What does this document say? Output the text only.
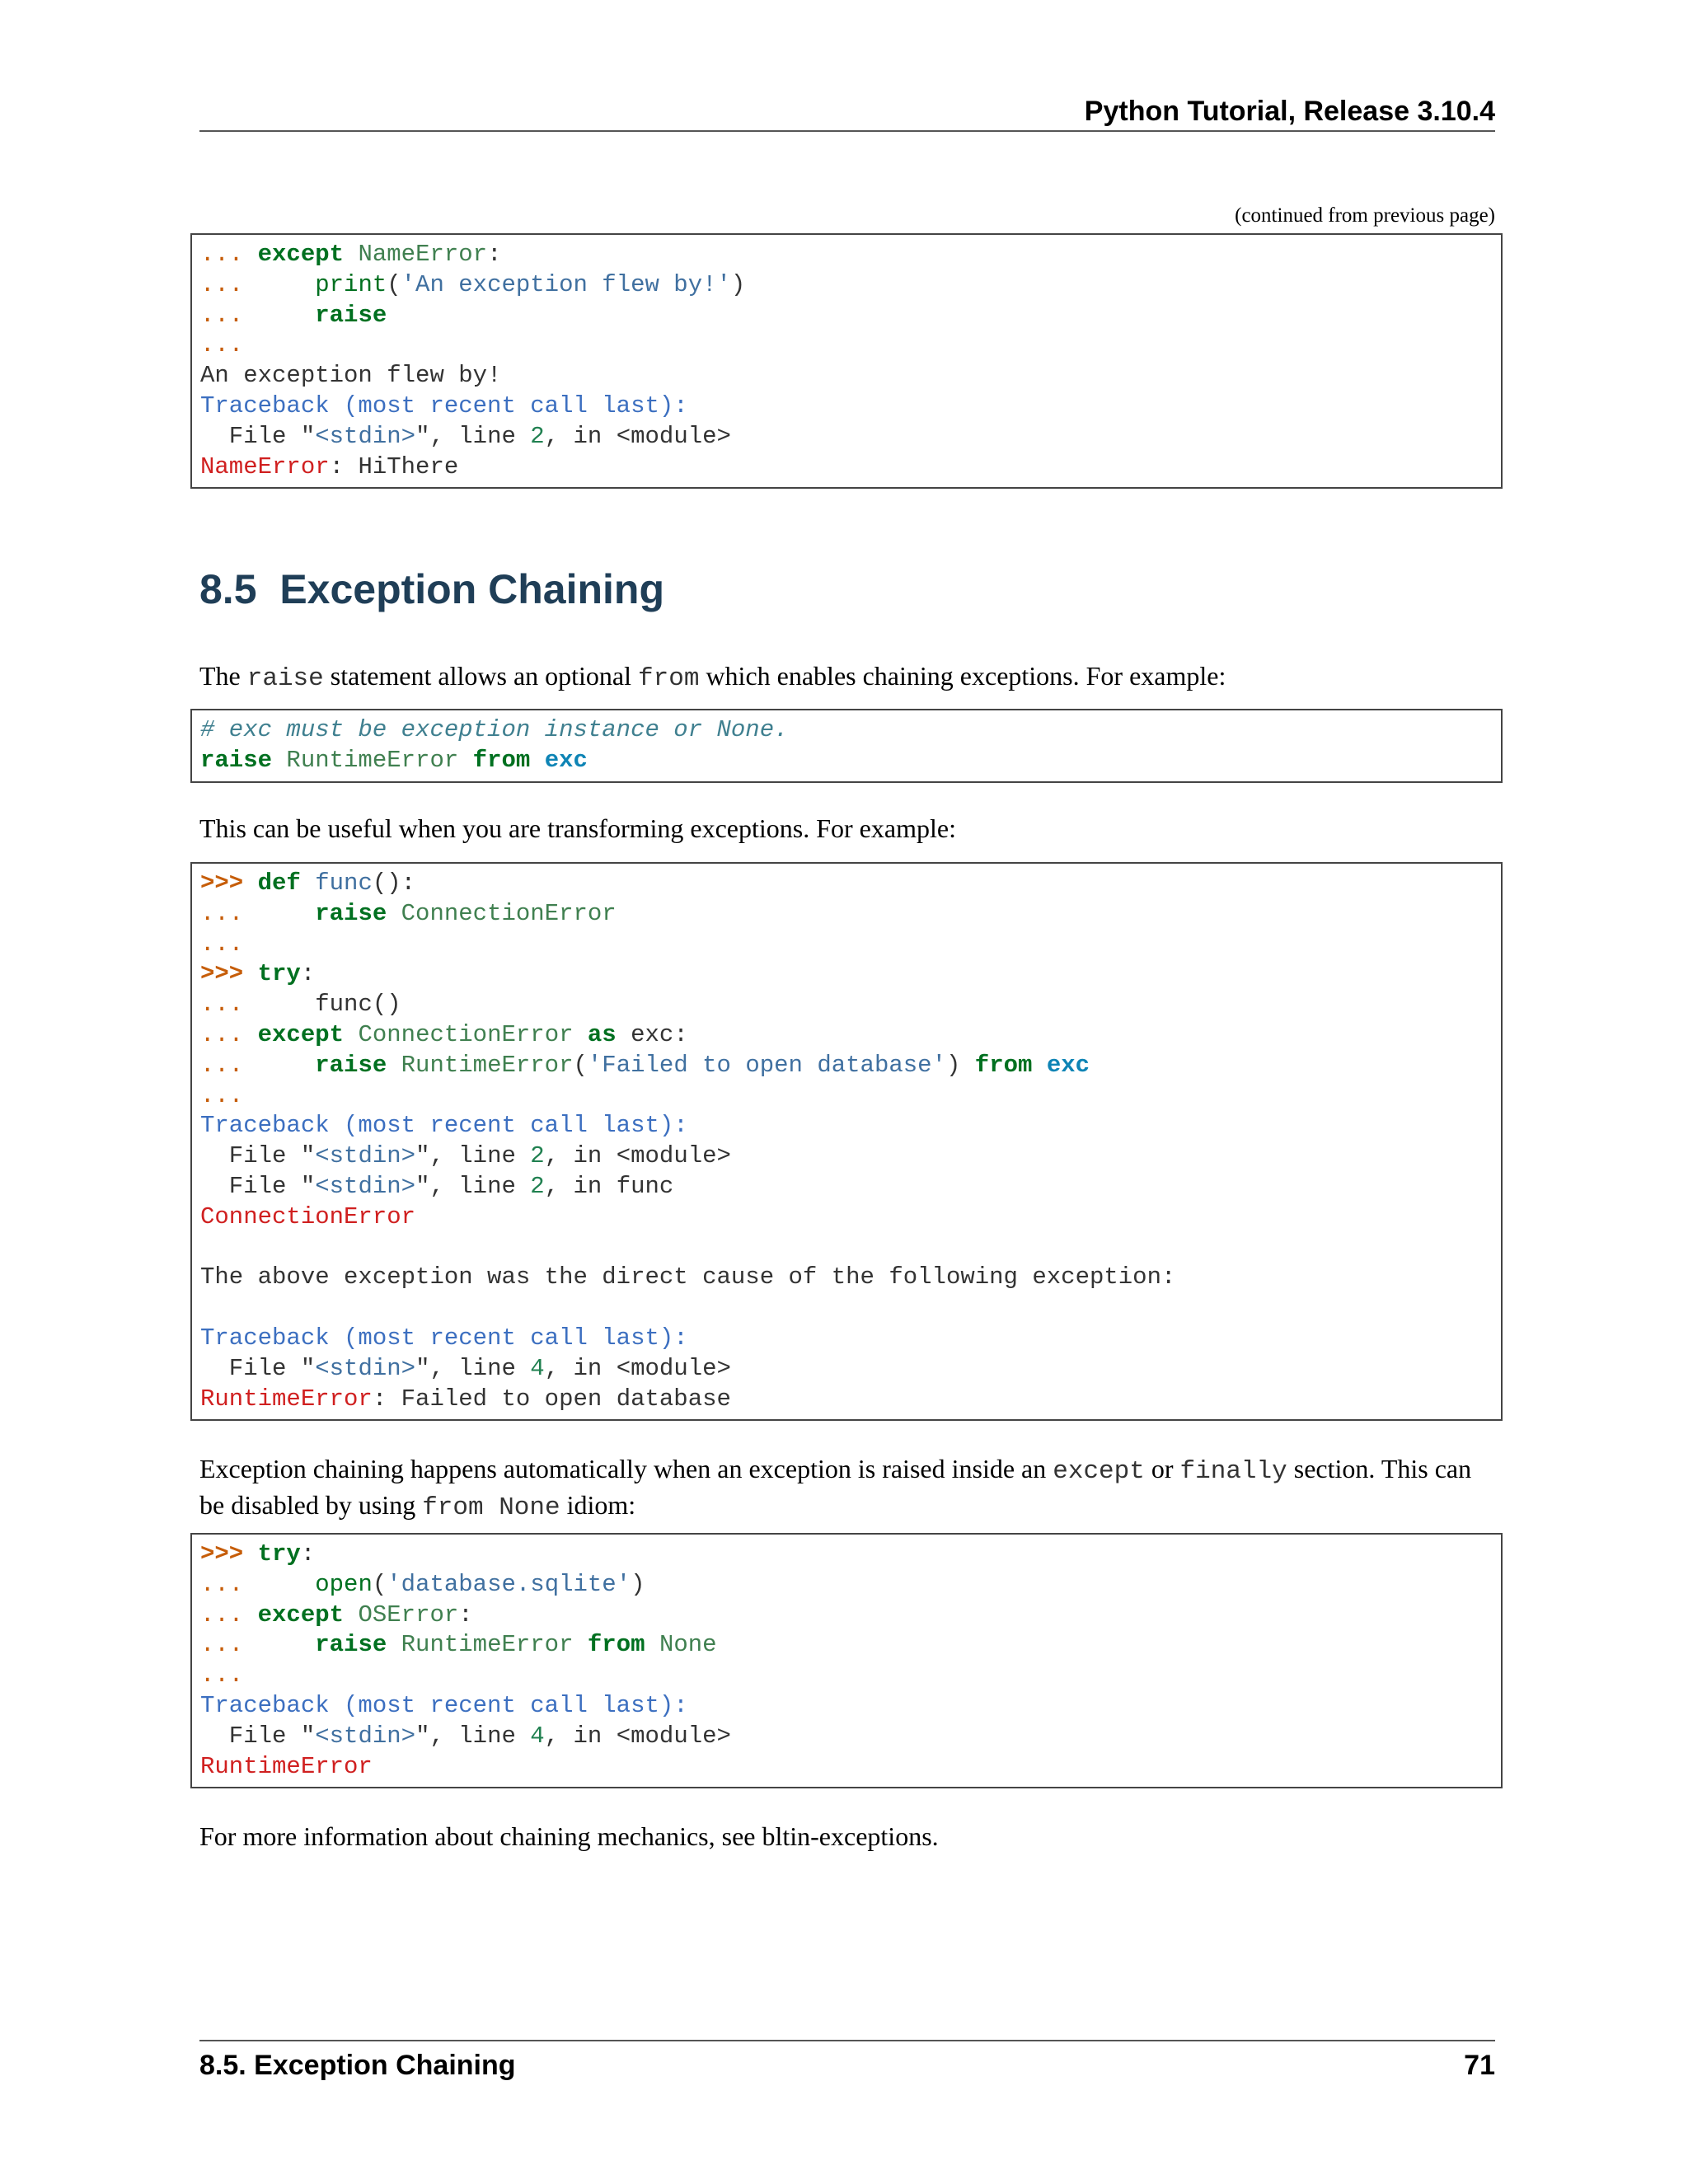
Python Tutorial, Release 3.10.4
(continued from previous page)
... except NameError:
...     print('An exception flew by!')
...     raise
...
An exception flew by!
Traceback (most recent call last):
File "<stdin>", line 2, in <module>
NameError: HiThere
8.5 Exception Chaining
The raise statement allows an optional from which enables chaining exceptions. For example:
# exc must be exception instance or None.
raise RuntimeError from exc
This can be useful when you are transforming exceptions. For example:
>>> def func():
...     raise ConnectionError
...
>>> try:
...     func()
... except ConnectionError as exc:
...     raise RuntimeError('Failed to open database') from exc
...
Traceback (most recent call last):
File "<stdin>", line 2, in <module>
File "<stdin>", line 2, in func
ConnectionError
The above exception was the direct cause of the following exception:
Traceback (most recent call last):
File "<stdin>", line 4, in <module>
RuntimeError: Failed to open database
Exception chaining happens automatically when an exception is raised inside an except or finally section. This can
be disabled by using from None idiom:
>>> try:
...     open('database.sqlite')
... except OSError:
...     raise RuntimeError from None
...
Traceback (most recent call last):
File "<stdin>", line 4, in <module>
RuntimeError
For more information about chaining mechanics, see bltin-exceptions.
8.5. Exception Chaining	71
